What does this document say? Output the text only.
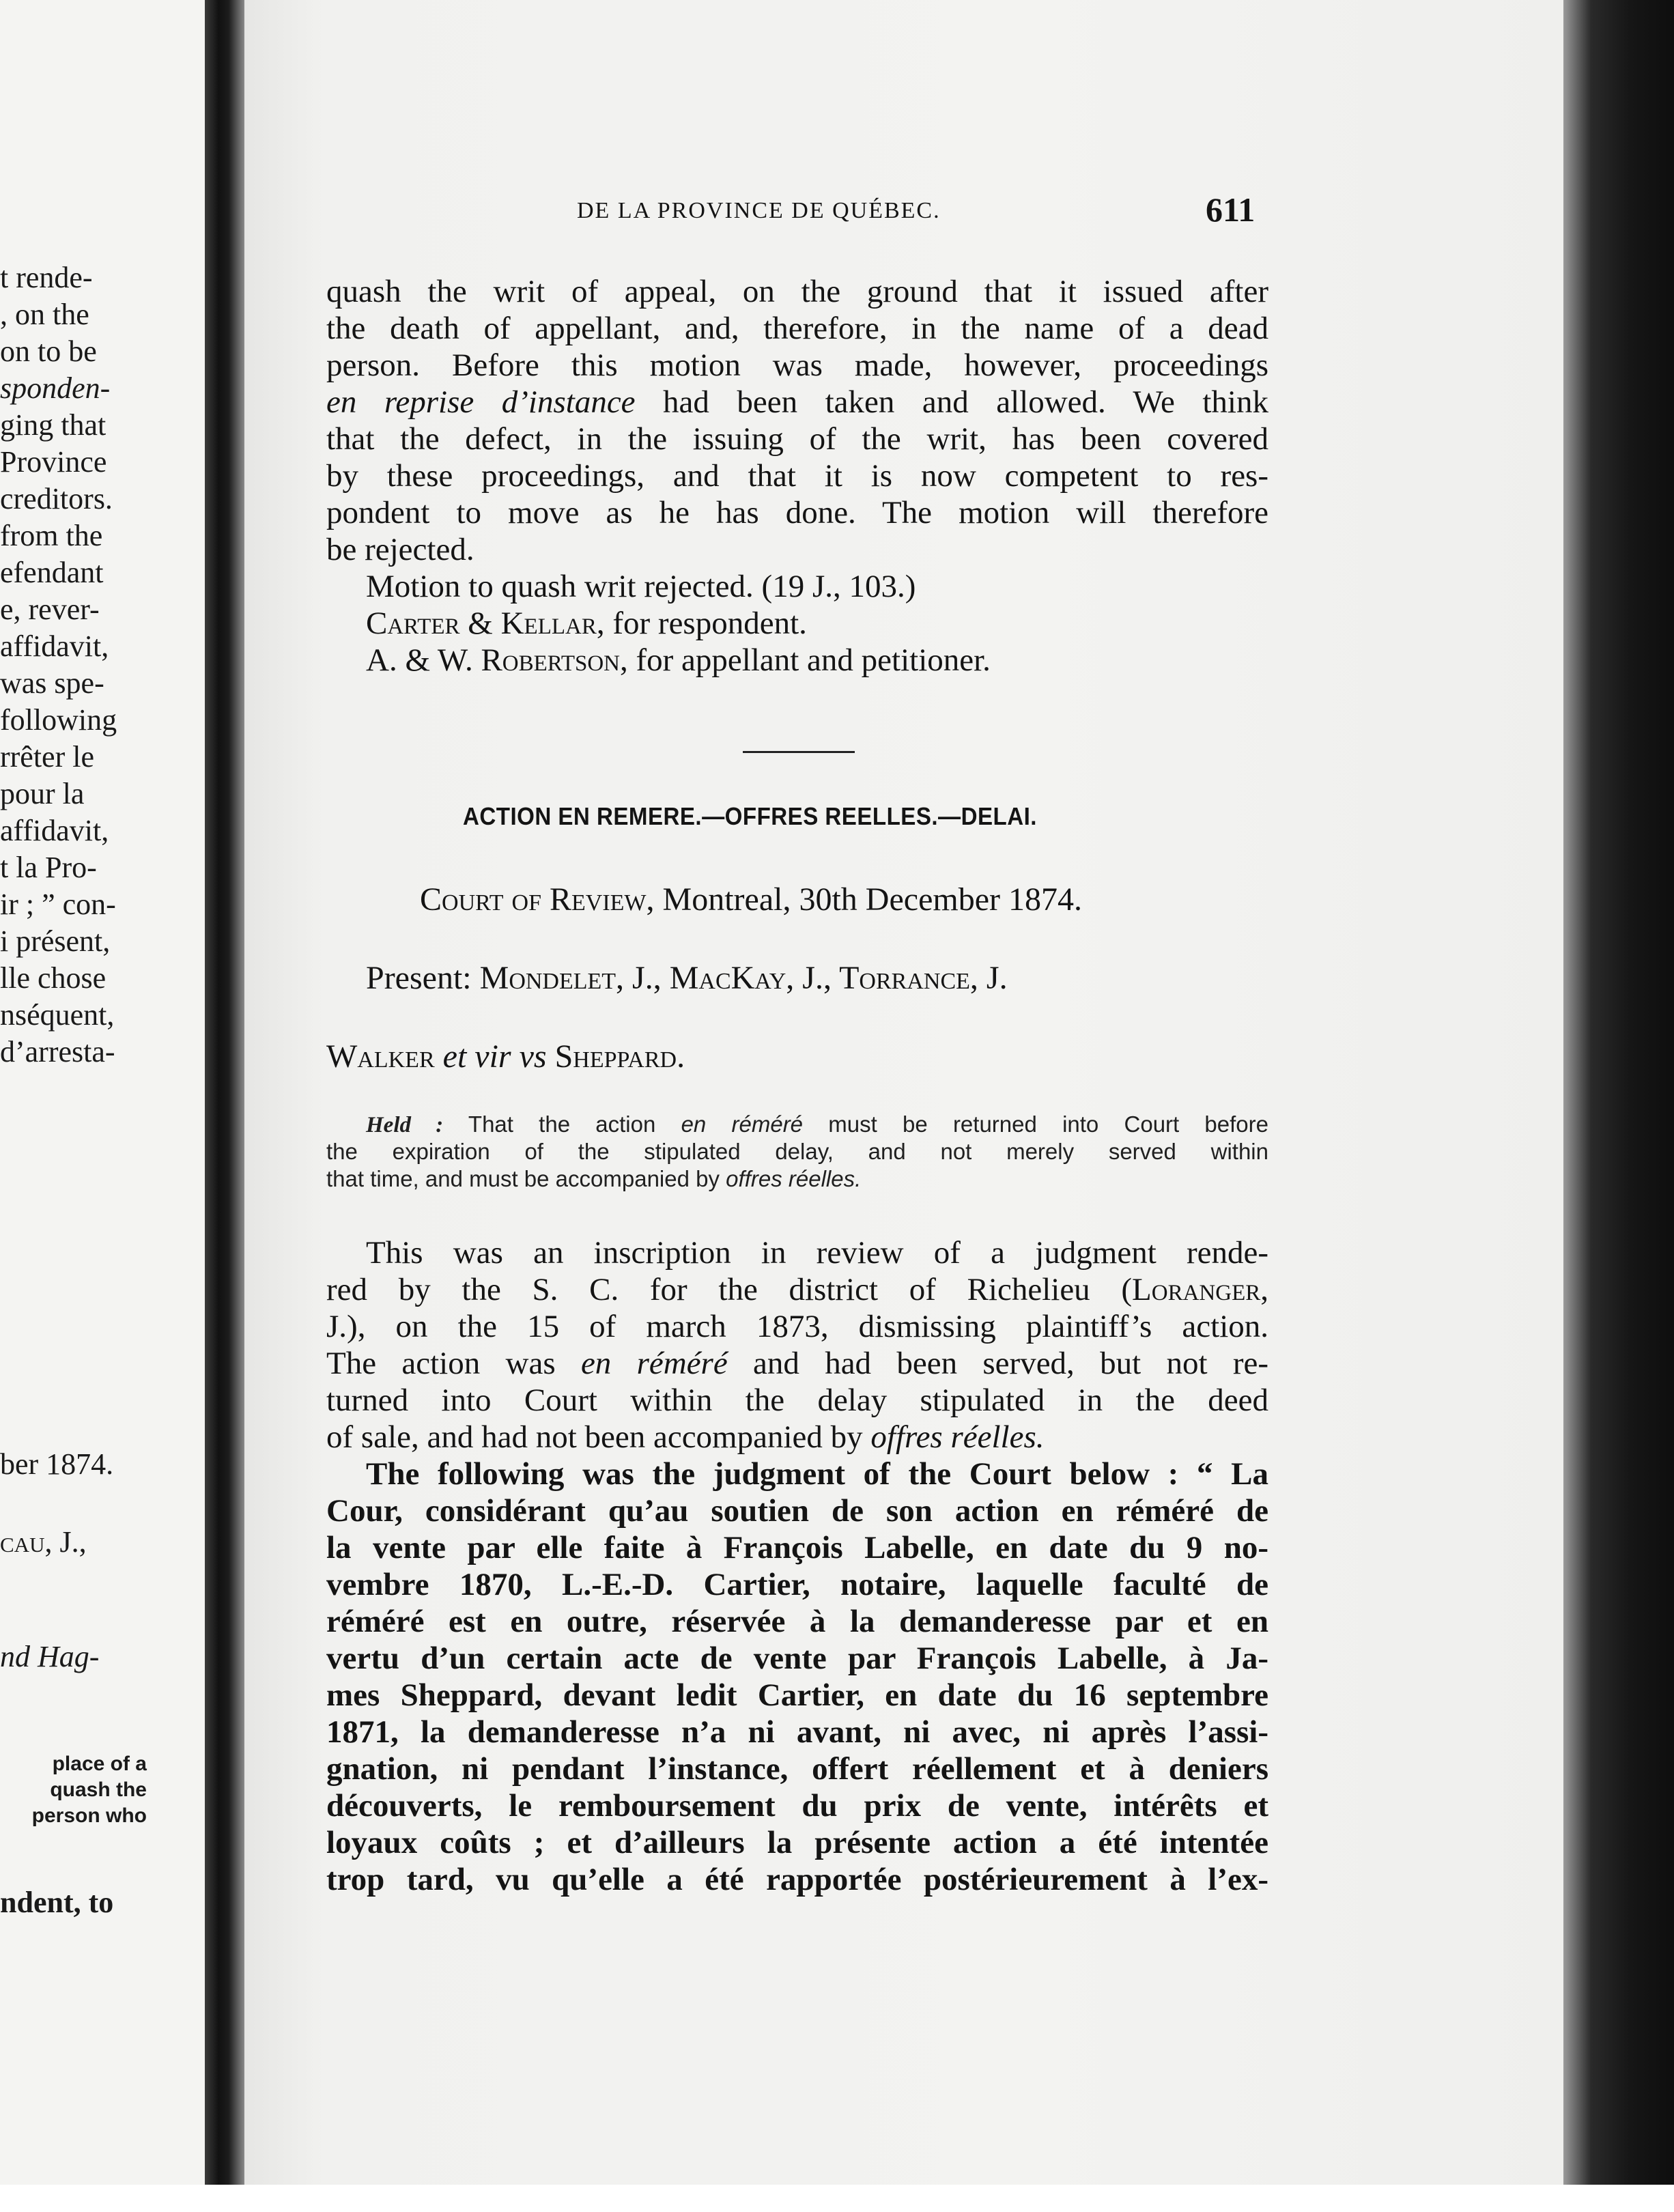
t rende-
, on the
on to be
sponden-
ging that
Province
creditors.
from the
efendant
e, rever-
affidavit,
was spe-
following
rrêter le
pour la
affidavit,
t la Pro-
ir ; ” con-
i présent,
lle chose
nséquent,
d’arresta-
ber 1874.
cau, J.,
nd Hag-
place of a
quash the
person who
ndent, to
DE LA PROVINCE DE QUÉBEC.	611
quash the writ of appeal, on the ground that it issued after
the death of appellant, and, therefore, in the name of a dead
person. Before this motion was made, however, proceedings
en reprise d’instance had been taken and allowed. We think
that the defect, in the issuing of the writ, has been covered
by these proceedings, and that it is now competent to res-
pondent to move as he has done. The motion will therefore
be rejected.
Motion to quash writ rejected. (19 J., 103.)
Carter & Kellar, for respondent.
A. & W. Robertson, for appellant and petitioner.
ACTION EN REMERE.—OFFRES REELLES.—DELAI.
Court of Review, Montreal, 30th December 1874.
Present: Mondelet, J., MacKay, J., Torrance, J.
Walker et vir vs Sheppard.
Held : That the action en réméré must be returned into Court before
the expiration of the stipulated delay, and not merely served within
that time, and must be accompanied by offres réelles.
This was an inscription in review of a judgment rende-
red by the S. C. for the district of Richelieu (Loranger,
J.), on the 15 of march 1873, dismissing plaintiff’s action.
The action was en réméré and had been served, but not re-
turned into Court within the delay stipulated in the deed
of sale, and had not been accompanied by offres réelles.
The following was the judgment of the Court below : “ La
Cour, considérant qu’au soutien de son action en réméré de
la vente par elle faite à François Labelle, en date du 9 no-
vembre 1870, L.-E.-D. Cartier, notaire, laquelle faculté de
réméré est en outre, réservée à la demanderesse par et en
vertu d’un certain acte de vente par François Labelle, à Ja-
mes Sheppard, devant ledit Cartier, en date du 16 septembre
1871, la demanderesse n’a ni avant, ni avec, ni après l’assi-
gnation, ni pendant l’instance, offert réellement et à deniers
découverts, le remboursement du prix de vente, intérêts et
loyaux coûts ; et d’ailleurs la présente action a été intentée
trop tard, vu qu’elle a été rapportée postérieurement à l’ex-
